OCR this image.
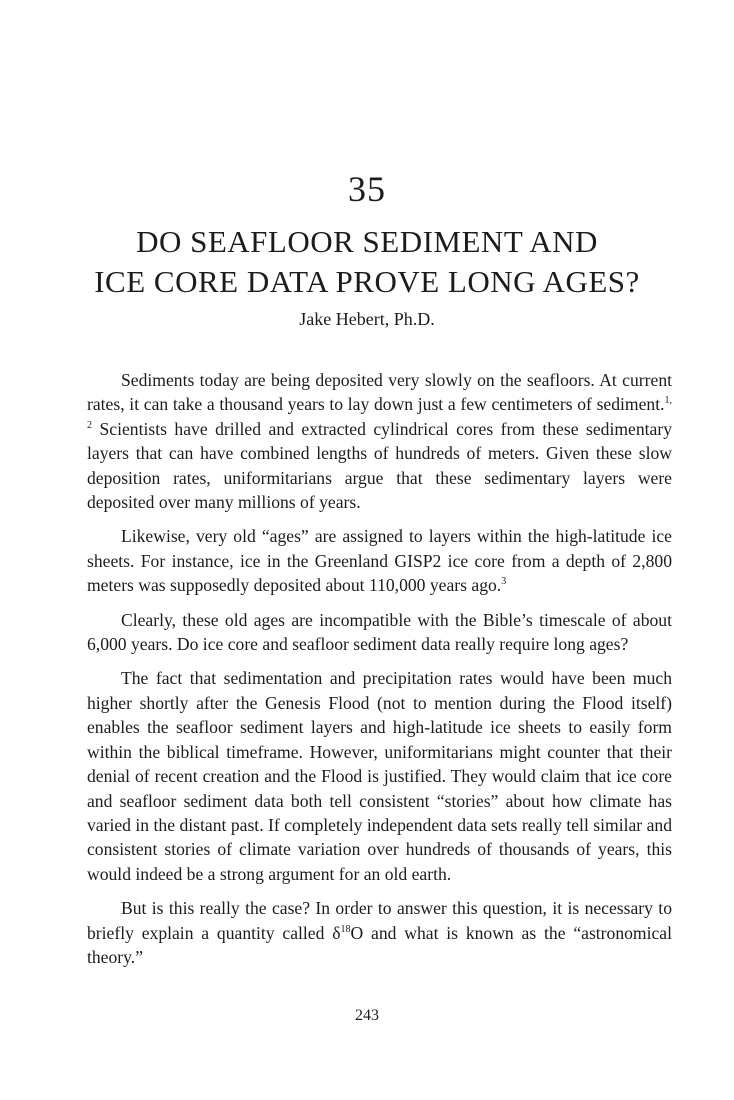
35
DO SEAFLOOR SEDIMENT AND
ICE CORE DATA PROVE LONG AGES?
Jake Hebert, Ph.D.

Sediments today are being deposited very slowly on the seafloors. At current rates, it can take a thousand years to lay down just a few centimeters of sediment.$^{1, 2}$ Scientists have drilled and extracted cylindrical cores from these sedimentary layers that can have combined lengths of hundreds of meters. Given these slow deposition rates, uniformitarians argue that these sedimentary layers were deposited over many millions of years.

Likewise, very old “ages” are assigned to layers within the high-latitude ice sheets. For instance, ice in the Greenland GISP2 ice core from a depth of 2,800 meters was supposedly deposited about 110,000 years ago.$^3$

Clearly, these old ages are incompatible with the Bible’s timescale of about 6,000 years. Do ice core and seafloor sediment data really require long ages?

The fact that sedimentation and precipitation rates would have been much higher shortly after the Genesis Flood (not to mention during the Flood itself) enables the seafloor sediment layers and high-latitude ice sheets to easily form within the biblical timeframe. However, uniformitarians might counter that their denial of recent creation and the Flood is justified. They would claim that ice core and seafloor sediment data both tell consistent “stories” about how climate has varied in the distant past. If completely independent data sets really tell similar and consistent stories of climate variation over hundreds of thousands of years, this would indeed be a strong argument for an old earth.

But is this really the case? In order to answer this question, it is necessary to briefly explain a quantity called δ$^{18}$O and what is known as the “astronomical theory.”

243
